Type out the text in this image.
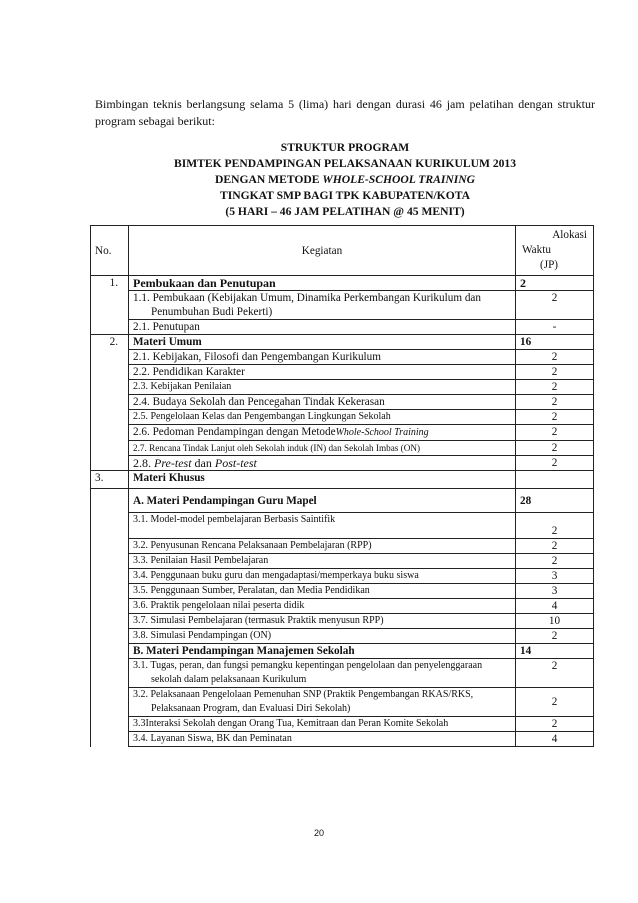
Bimbingan teknis berlangsung selama 5 (lima) hari dengan durasi 46 jam pelatihan dengan struktur program sebagai berikut:
STRUKTUR PROGRAM
BIMTEK PENDAMPINGAN PELAKSANAAN KURIKULUM 2013
DENGAN METODE WHOLE-SCHOOL TRAINING
TINGKAT SMP BAGI TPK KABUPATEN/KOTA
(5 HARI – 46 JAM PELATIHAN @ 45 MENIT)
No.	Kegiatan	Alokasi
Waktu
(JP)

1.	Pembukaan dan Penutupan	2
	1.1. Pembukaan (Kebijakan Umum, Dinamika Perkembangan Kurikulum dan Penumbuhan Budi Pekerti)	2
	2.1. Penutupan	-
2.	Materi Umum	16
	2.1. Kebijakan, Filosofi dan Pengembangan Kurikulum	2
	2.2. Pendidikan Karakter	2
	2.3. Kebijakan Penilaian	2
	2.4. Budaya Sekolah dan Pencegahan Tindak Kekerasan	2
	2.5. Pengelolaan Kelas dan Pengembangan Lingkungan Sekolah	2
	2.6. Pedoman Pendampingan dengan MetodeWhole-School Training	2
	2.7. Rencana Tindak Lanjut oleh Sekolah induk (IN) dan Sekolah Imbas (ON)	2
	2.8. Pre-test dan Post-test	2
3.	Materi Khusus	
	A. Materi Pendampingan Guru Mapel	28
	3.1. Model-model pembelajaran Berbasis Saintifik	2
	3.2. Penyusunan Rencana Pelaksanaan Pembelajaran (RPP)	2
	3.3. Penilaian Hasil Pembelajaran	2
	3.4. Penggunaan buku guru dan mengadaptasi/memperkaya buku siswa	3
	3.5. Penggunaan Sumber, Peralatan, dan Media Pendidikan	3
	3.6. Praktik pengelolaan nilai peserta didik	4
	3.7. Simulasi Pembelajaran (termasuk Praktik menyusun RPP)	10
	3.8. Simulasi Pendampingan (ON)	2
	B. Materi Pendampingan Manajemen Sekolah	14
	3.1. Tugas, peran, dan fungsi pemangku kepentingan pengelolaan dan penyelenggaraan sekolah dalam pelaksanaan Kurikulum	2
	3.2. Pelaksanaan Pengelolaan Pemenuhan SNP (Praktik Pengembangan RKAS/RKS, Pelaksanaan Program, dan Evaluasi Diri Sekolah)	2
	3.3Interaksi Sekolah dengan Orang Tua, Kemitraan dan Peran Komite Sekolah	2
	3.4. Layanan Siswa, BK dan Peminatan	4
20
